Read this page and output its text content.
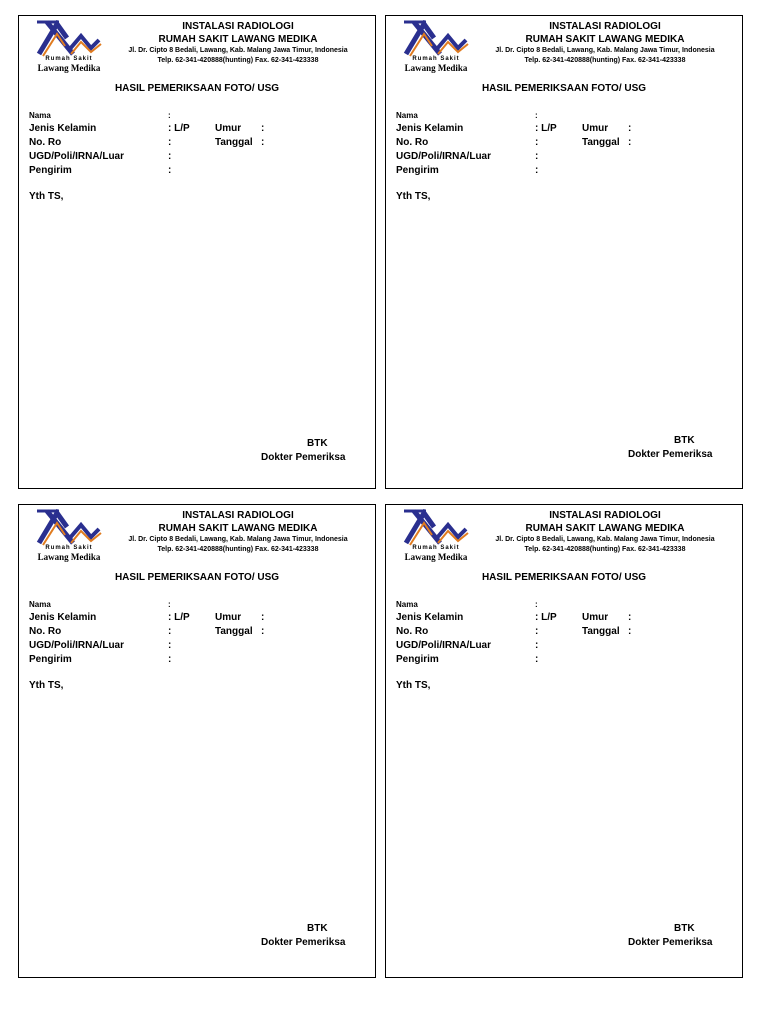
Rumah Sakit
Lawang Medika
INSTALASI RADIOLOGI
RUMAH SAKIT LAWANG MEDIKA
Jl. Dr. Cipto 8 Bedali, Lawang, Kab. Malang Jawa Timur, Indonesia
Telp. 62-341-420888(hunting) Fax. 62-341-423338
HASIL PEMERIKSAAN FOTO/ USG
Nama	:
Jenis Kelamin	: L/P	Umur :
No. Ro	:	Tanggal :
UGD/Poli/IRNA/Luar	:
Pengirim	:
Yth TS,
BTK
Dokter Pemeriksa
Rumah Sakit
Lawang Medika
INSTALASI RADIOLOGI
RUMAH SAKIT LAWANG MEDIKA
Jl. Dr. Cipto 8 Bedali, Lawang, Kab. Malang Jawa Timur, Indonesia
Telp. 62-341-420888(hunting) Fax. 62-341-423338
HASIL PEMERIKSAAN FOTO/ USG
Nama	:
Jenis Kelamin	: L/P	Umur :
No. Ro	:	Tanggal :
UGD/Poli/IRNA/Luar	:
Pengirim	:
Yth TS,
BTK
Dokter Pemeriksa
Rumah Sakit
Lawang Medika
INSTALASI RADIOLOGI
RUMAH SAKIT LAWANG MEDIKA
Jl. Dr. Cipto 8 Bedali, Lawang, Kab. Malang Jawa Timur, Indonesia
Telp. 62-341-420888(hunting) Fax. 62-341-423338
HASIL PEMERIKSAAN FOTO/ USG
Nama	:
Jenis Kelamin	: L/P	Umur :
No. Ro	:	Tanggal :
UGD/Poli/IRNA/Luar	:
Pengirim	:
Yth TS,
BTK
Dokter Pemeriksa
Rumah Sakit
Lawang Medika
INSTALASI RADIOLOGI
RUMAH SAKIT LAWANG MEDIKA
Jl. Dr. Cipto 8 Bedali, Lawang, Kab. Malang Jawa Timur, Indonesia
Telp. 62-341-420888(hunting) Fax. 62-341-423338
HASIL PEMERIKSAAN FOTO/ USG
Nama	:
Jenis Kelamin	: L/P	Umur :
No. Ro	:	Tanggal :
UGD/Poli/IRNA/Luar	:
Pengirim	:
Yth TS,
BTK
Dokter Pemeriksa
